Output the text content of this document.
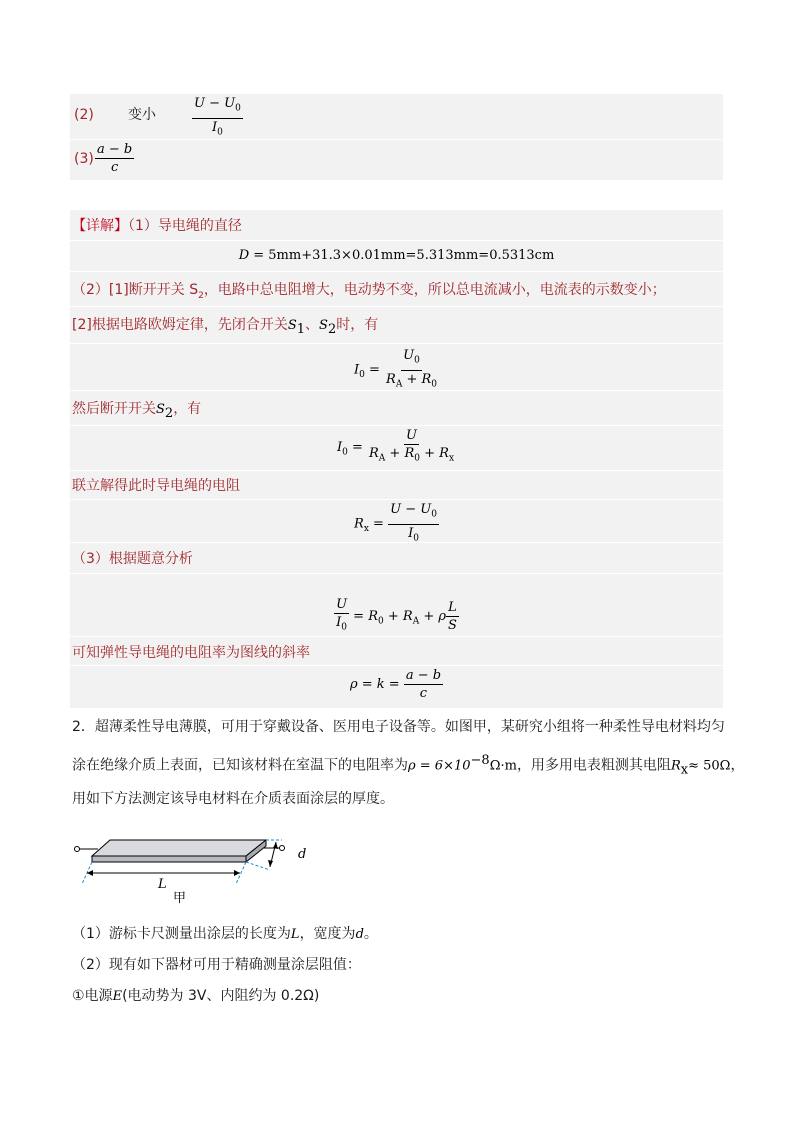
(2) 变小	$\frac{U - U_0}{I_0}$
$(3) \frac{a - b}{c}$
【详解】（1）导电绳的直径
D = 5mm+31.3×0.01mm=5.313mm=0.5313cm
（2）[1]断开开关 $S_2$，电路中总电阻增大，电动势不变，所以总电流减小，电流表的示数变小；
[2]根据电路欧姆定律，先闭合开关$S_1$、$S_2$时，有
$I_0 = \frac{U_0}{R_A + R_0}$
然后断开开关$S_2$，有
$I_0 = \frac{U}{R_A + R_0 + R_x}$
联立解得此时导电绳的电阻
$R_x = \frac{U - U_0}{I_0}$
（3）根据题意分析
$\frac{U}{I_0} = R_0 + R_A + \rho \frac{L}{S}$
可知弹性导电绳的电阻率为图线的斜率
$\rho = k = \frac{a - b}{c}$
2．超薄柔性导电薄膜，可用于穿戴设备、医用电子设备等。如图甲，某研究小组将一种柔性导电材料均匀
涂在绝缘介质上表面，已知该材料在室温下的电阻率为$\rho = 6\times 10^{-8}\Omega\cdot m$，用多用电表粗测其电阻$R_x\approx 50\Omega$，
用如下方法测定该导电材料在介质表面涂层的厚度。
L
d
甲
（1）游标卡尺测量出涂层的长度为L，宽度为d。
（2）现有如下器材可用于精确测量涂层阻值：
①电源E(电动势为 3V、内阻约为 0.2Ω)
